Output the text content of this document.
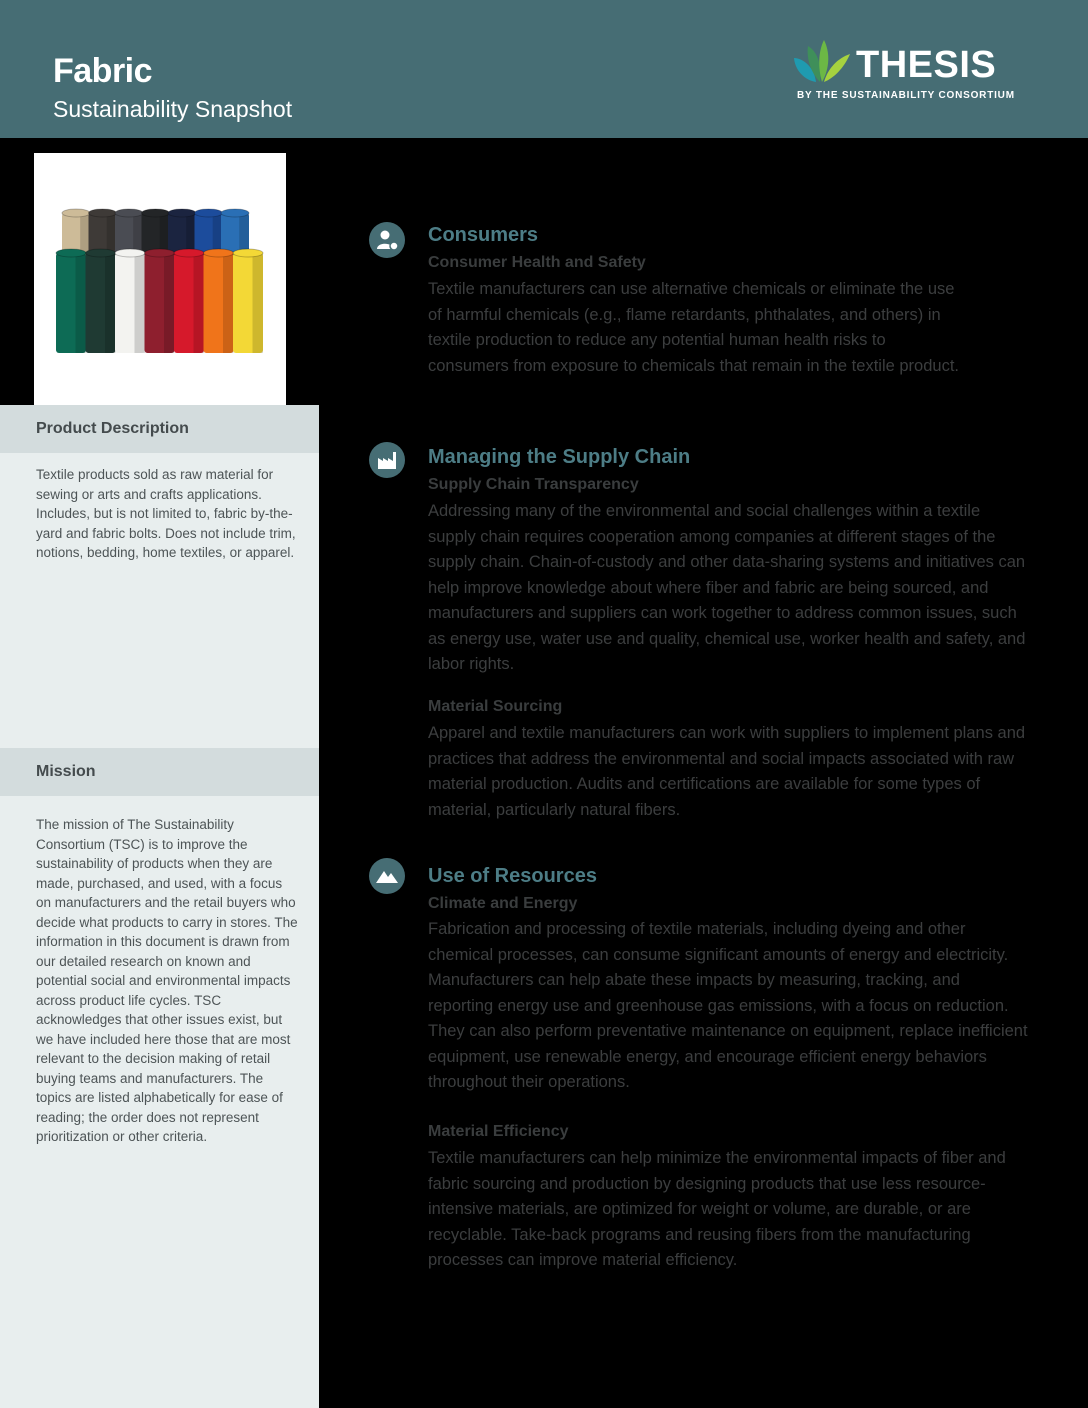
Fabric

Sustainability Snapshot

THESIS
BY THE SUSTAINABILITY CONSORTIUM
Product Description

Textile products sold as raw material for sewing or arts and crafts applications. Includes, but is not limited to, fabric by-the-yard and fabric bolts. Does not include trim, notions, bedding, home textiles, or apparel.

Mission

The mission of The Sustainability Consortium (TSC) is to improve the sustainability of products when they are made, purchased, and used, with a focus on manufacturers and the retail buyers who decide what products to carry in stores. The information in this document is drawn from our detailed research on known and potential social and environmental impacts across product life cycles. TSC acknowledges that other issues exist, but we have included here those that are most relevant to the decision making of retail buying teams and manufacturers. The topics are listed alphabetically for ease of reading; the order does not represent prioritization or other criteria.

Consumers
Consumer Health and Safety

Textile manufacturers can use alternative chemicals or eliminate the use of harmful chemicals (e.g., flame retardants, phthalates, and others) in textile production to reduce any potential human health risks to consumers from exposure to chemicals that remain in the textile product.

Managing the Supply Chain
Supply Chain Transparency

Addressing many of the environmental and social challenges within a textile supply chain requires cooperation among companies at different stages of the supply chain. Chain-of-custody and other data-sharing systems and initiatives can help improve knowledge about where fiber and fabric are being sourced, and manufacturers and suppliers can work together to address common issues, such as energy use, water use and quality, chemical use, worker health and safety, and labor rights.

Material Sourcing

Apparel and textile manufacturers can work with suppliers to implement plans and practices that address the environmental and social impacts associated with raw material production. Audits and certifications are available for some types of material, particularly natural fibers.

Use of Resources
Climate and Energy

Fabrication and processing of textile materials, including dyeing and other chemical processes, can consume significant amounts of energy and electricity. Manufacturers can help abate these impacts by measuring, tracking, and reporting energy use and greenhouse gas emissions, with a focus on reduction. They can also perform preventative maintenance on equipment, replace inefficient equipment, use renewable energy, and encourage efficient energy behaviors throughout their operations.

Material Efficiency

Textile manufacturers can help minimize the environmental impacts of fiber and fabric sourcing and production by designing products that use less resource-intensive materials, are optimized for weight or volume, are durable, or are recyclable. Take-back programs and reusing fibers from the manufacturing processes can improve material efficiency.
